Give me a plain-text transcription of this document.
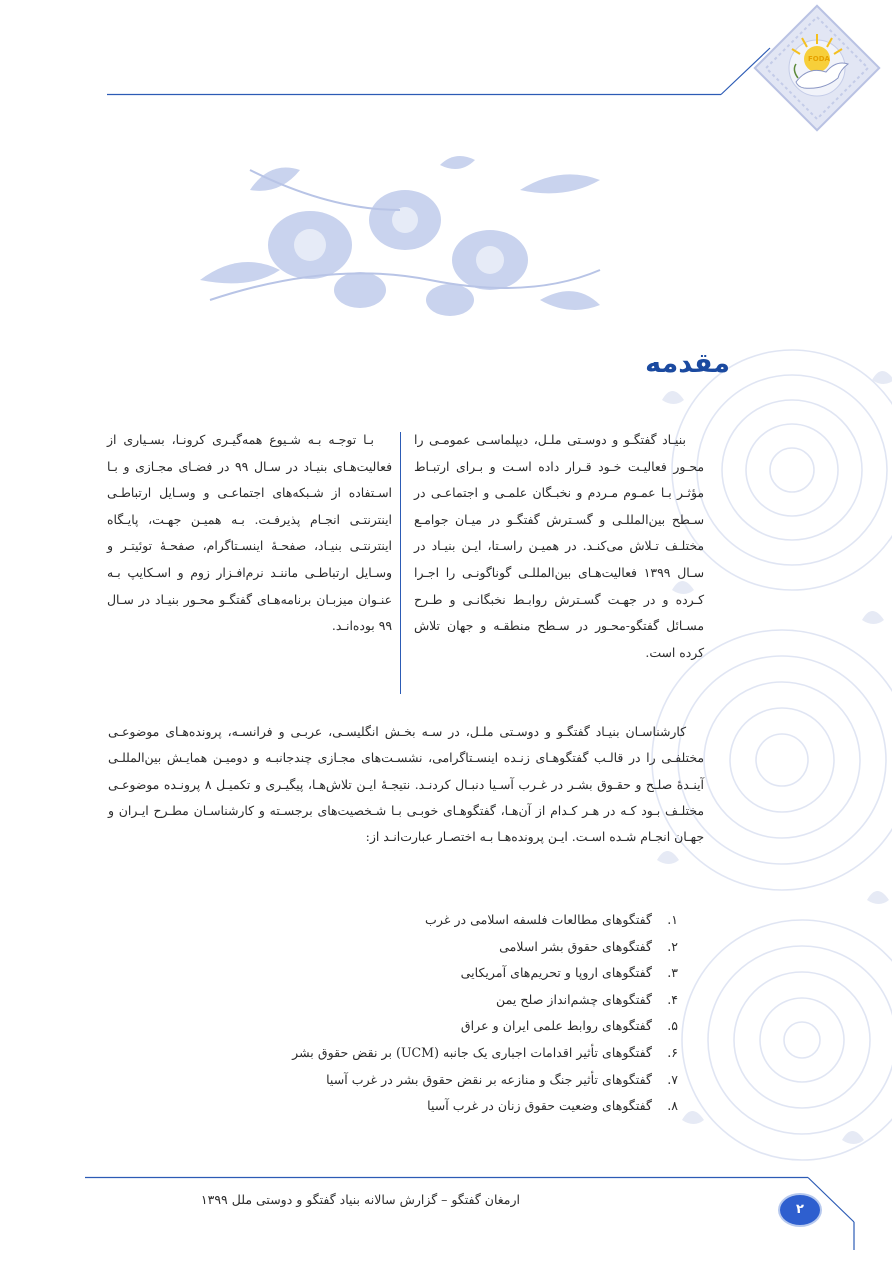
FODA
مقدمه

بنیـاد گفتگـو و دوسـتی ملـل، دیپلماسـی عمومـی را محـور فعالیـت خـود قـرار داده اسـت و بـرای ارتبـاط مؤثـر بـا عمـوم مـردم و نخبـگان علمـی و اجتماعـی در سـطح بین‌المللـی و گسـترش گفتگـو در میـان جوامـع مختلـف تـلاش می‌کنـد. در همیـن راسـتا، ایـن بنیـاد در سـال ۱۳۹۹ فعالیت‌هـای بین‌المللـی گوناگونـی را اجـرا کـرده و در جهـت گسـترش روابـط نخبگانـی و طـرح مسـائل گفتگو-محـور در سـطح منطقـه و جهان تلاش کرده است.

بـا توجـه بـه شـیوع همه‌گیـری کرونـا، بسـیاری از فعالیت‌هـای بنیـاد در سـال ۹۹ در فضـای مجـازی و بـا اسـتفاده از شـبکه‌های اجتماعـی و وسـایل ارتباطـی اینترنتـی انجـام پذیرفـت. بـه همیـن جهـت، پایـگاه اینترنتـی بنیـاد، صفحـهٔ اینسـتاگرام، صفحـهٔ توئیتـر و وسـایل ارتباطـی ماننـد نرم‌افـزار زوم و اسـکایپ بـه عنـوان میزبـان برنامه‌هـای گفتگـو محـور بنیـاد در سـال ۹۹ بوده‌انـد.

کارشناسـان بنیـاد گفتگـو و دوسـتی ملـل، در سـه بخـش انگلیسـی، عربـی و فرانسـه، پرونده‌هـای موضوعـی مختلفـی را در قالـب گفتگوهـای زنـده اینسـتاگرامی، نشسـت‌های مجـازی چندجانبـه و دومیـن همایـش بین‌المللـی آینـدهٔ صلـح و حقـوق بشـر در غـرب آسـیا دنبـال کردنـد. نتیجـهٔ ایـن تلاش‌هـا، پیگیـری و تکمیـل ۸ پرونـده موضوعـی مختلـف بـود کـه در هـر کـدام از آن‌هـا، گفتگوهـای خوبـی بـا شـخصیت‌های برجسـته و کارشناسـان مطـرح ایـران و جهـان انجـام شـده اسـت. ایـن پرونده‌هـا بـه اختصـار عبارت‌انـد از:

۱. گفتگوهای مطالعات فلسفه اسلامی در غرب
۲. گفتگوهای حقوق بشر اسلامی
۳. گفتگوهای اروپا و تحریم‌های آمریکایی
۴. گفتگوهای چشم‌انداز صلح یمن
۵. گفتگوهای روابط علمی ایران و عراق
۶. گفتگوهای تأثیر اقدامات اجباری یک جانبه (UCM) بر نقض حقوق بشر
۷. گفتگوهای تأثیر جنگ و منازعه بر نقض حقوق بشر در غرب آسیا
۸. گفتگوهای وضعیت حقوق زنان در غرب آسیا
ارمغان گفتگو – گزارش سالانه بنیاد گفتگو و دوستی ملل ۱۳۹۹
۲
